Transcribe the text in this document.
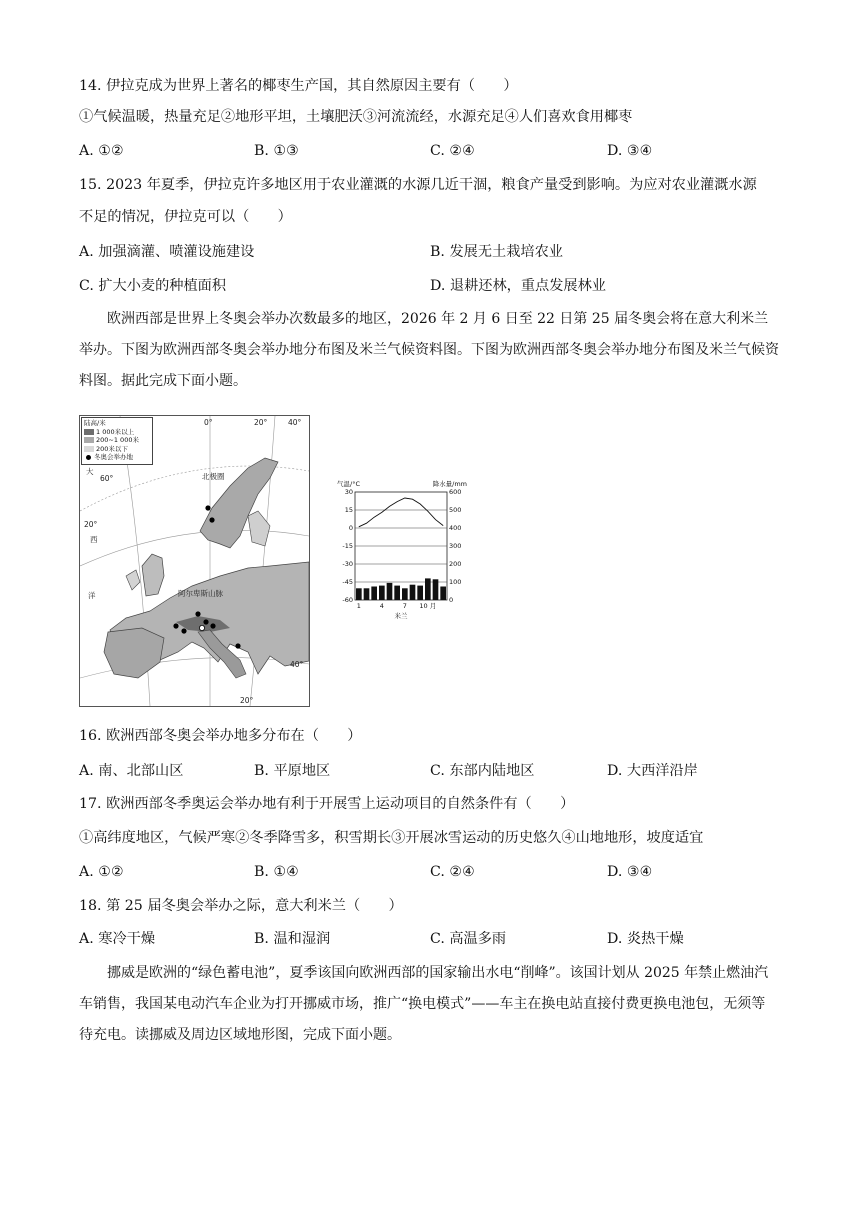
14. 伊拉克成为世界上著名的椰枣生产国，其自然原因主要有（　　）
①气候温暖，热量充足②地形平坦，土壤肥沃③河流流经，水源充足④人们喜欢食用椰枣
A. ①②	B. ①③	C. ②④	D. ③④
15. 2023 年夏季，伊拉克许多地区用于农业灌溉的水源几近干涸，粮食产量受到影响。为应对农业灌溉水源
不足的情况，伊拉克可以（　　）
A. 加强滴灌、喷灌设施建设	B. 发展无土栽培农业
C. 扩大小麦的种植面积	D. 退耕还林，重点发展林业
欧洲西部是世界上冬奥会举办次数最多的地区，2026 年 2 月 6 日至 22 日第 25 届冬奥会将在意大利米兰举办。下图为欧洲西部冬奥会举办地分布图及米兰气候资料图。下图为欧洲西部冬奥会举办地分布图及米兰气候资料图。据此完成下面小题。
陆高/米
1 000米以上
200~1 000米
200米以下
冬奥会举办地
0°	20°	40°
60°
20°
大
西
洋
北极圈
阿尔卑斯山脉
40°
20°
30	600
15	500
0	400
-15	300
-30	200
-45	100
-60	0
气温/°C	降水量/mm
1	4	7 10 月
米兰
16. 欧洲西部冬奥会举办地多分布在（　　）
A. 南、北部山区	B. 平原地区	C. 东部内陆地区	D. 大西洋沿岸
17. 欧洲西部冬季奥运会举办地有利于开展雪上运动项目的自然条件有（　　）
①高纬度地区，气候严寒②冬季降雪多，积雪期长③开展冰雪运动的历史悠久④山地地形，坡度适宜
A. ①②	B. ①④	C. ②④	D. ③④
18. 第 25 届冬奥会举办之际，意大利米兰（　　）
A. 寒冷干燥	B. 温和湿润	C. 高温多雨	D. 炎热干燥
挪威是欧洲的“绿色蓄电池”，夏季该国向欧洲西部的国家输出水电“削峰”。该国计划从 2025 年禁止燃油汽车销售，我国某电动汽车企业为打开挪威市场，推广“换电模式”——车主在换电站直接付费更换电池包，无须等待充电。读挪威及周边区域地形图，完成下面小题。
